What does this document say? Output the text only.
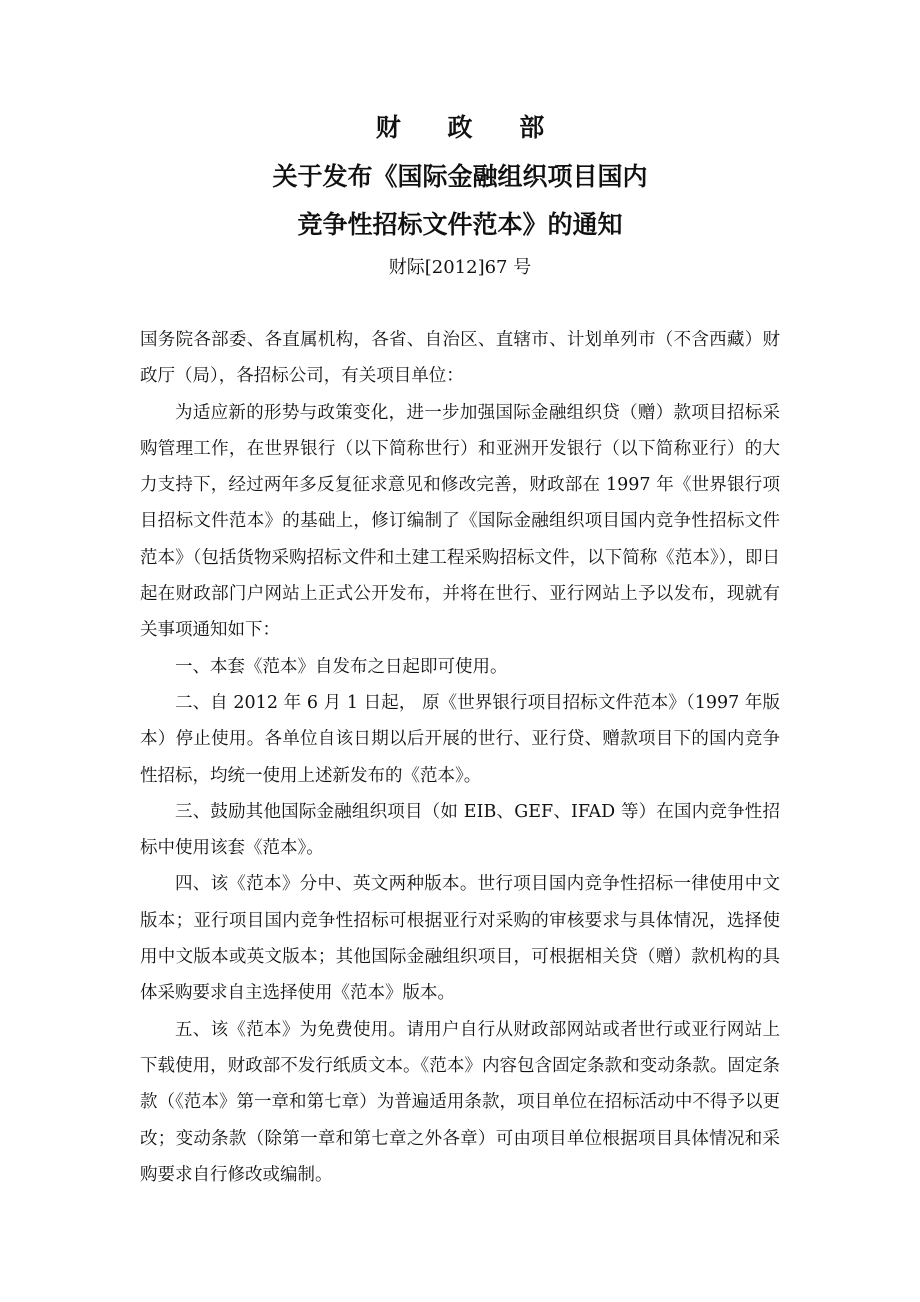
财 政 部
关于发布《国际金融组织项目国内
竞争性招标文件范本》的通知
财际[2012]67 号

国务院各部委、各直属机构，各省、自治区、直辖市、计划单列市（不含西藏）财政厅（局），各招标公司，有关项目单位：

为适应新的形势与政策变化，进一步加强国际金融组织贷（赠）款项目招标采购管理工作，在世界银行（以下简称世行）和亚洲开发银行（以下简称亚行）的大力支持下，经过两年多反复征求意见和修改完善，财政部在 1997 年《世界银行项目招标文件范本》的基础上，修订编制了《国际金融组织项目国内竞争性招标文件范本》（包括货物采购招标文件和土建工程采购招标文件，以下简称《范本》），即日起在财政部门户网站上正式公开发布，并将在世行、亚行网站上予以发布，现就有关事项通知如下：

一、本套《范本》自发布之日起即可使用。

二、自 2012 年 6 月 1 日起， 原《世界银行项目招标文件范本》（1997 年版本）停止使用。各单位自该日期以后开展的世行、亚行贷、赠款项目下的国内竞争性招标，均统一使用上述新发布的《范本》。

三、鼓励其他国际金融组织项目（如 EIB、GEF、IFAD 等）在国内竞争性招标中使用该套《范本》。

四、该《范本》分中、英文两种版本。世行项目国内竞争性招标一律使用中文版本；亚行项目国内竞争性招标可根据亚行对采购的审核要求与具体情况，选择使用中文版本或英文版本；其他国际金融组织项目，可根据相关贷（赠）款机构的具体采购要求自主选择使用《范本》版本。

五、该《范本》为免费使用。请用户自行从财政部网站或者世行或亚行网站上下载使用，财政部不发行纸质文本。《范本》内容包含固定条款和变动条款。固定条款（《范本》第一章和第七章）为普遍适用条款，项目单位在招标活动中不得予以更改；变动条款（除第一章和第七章之外各章）可由项目单位根据项目具体情况和采购要求自行修改或编制。
